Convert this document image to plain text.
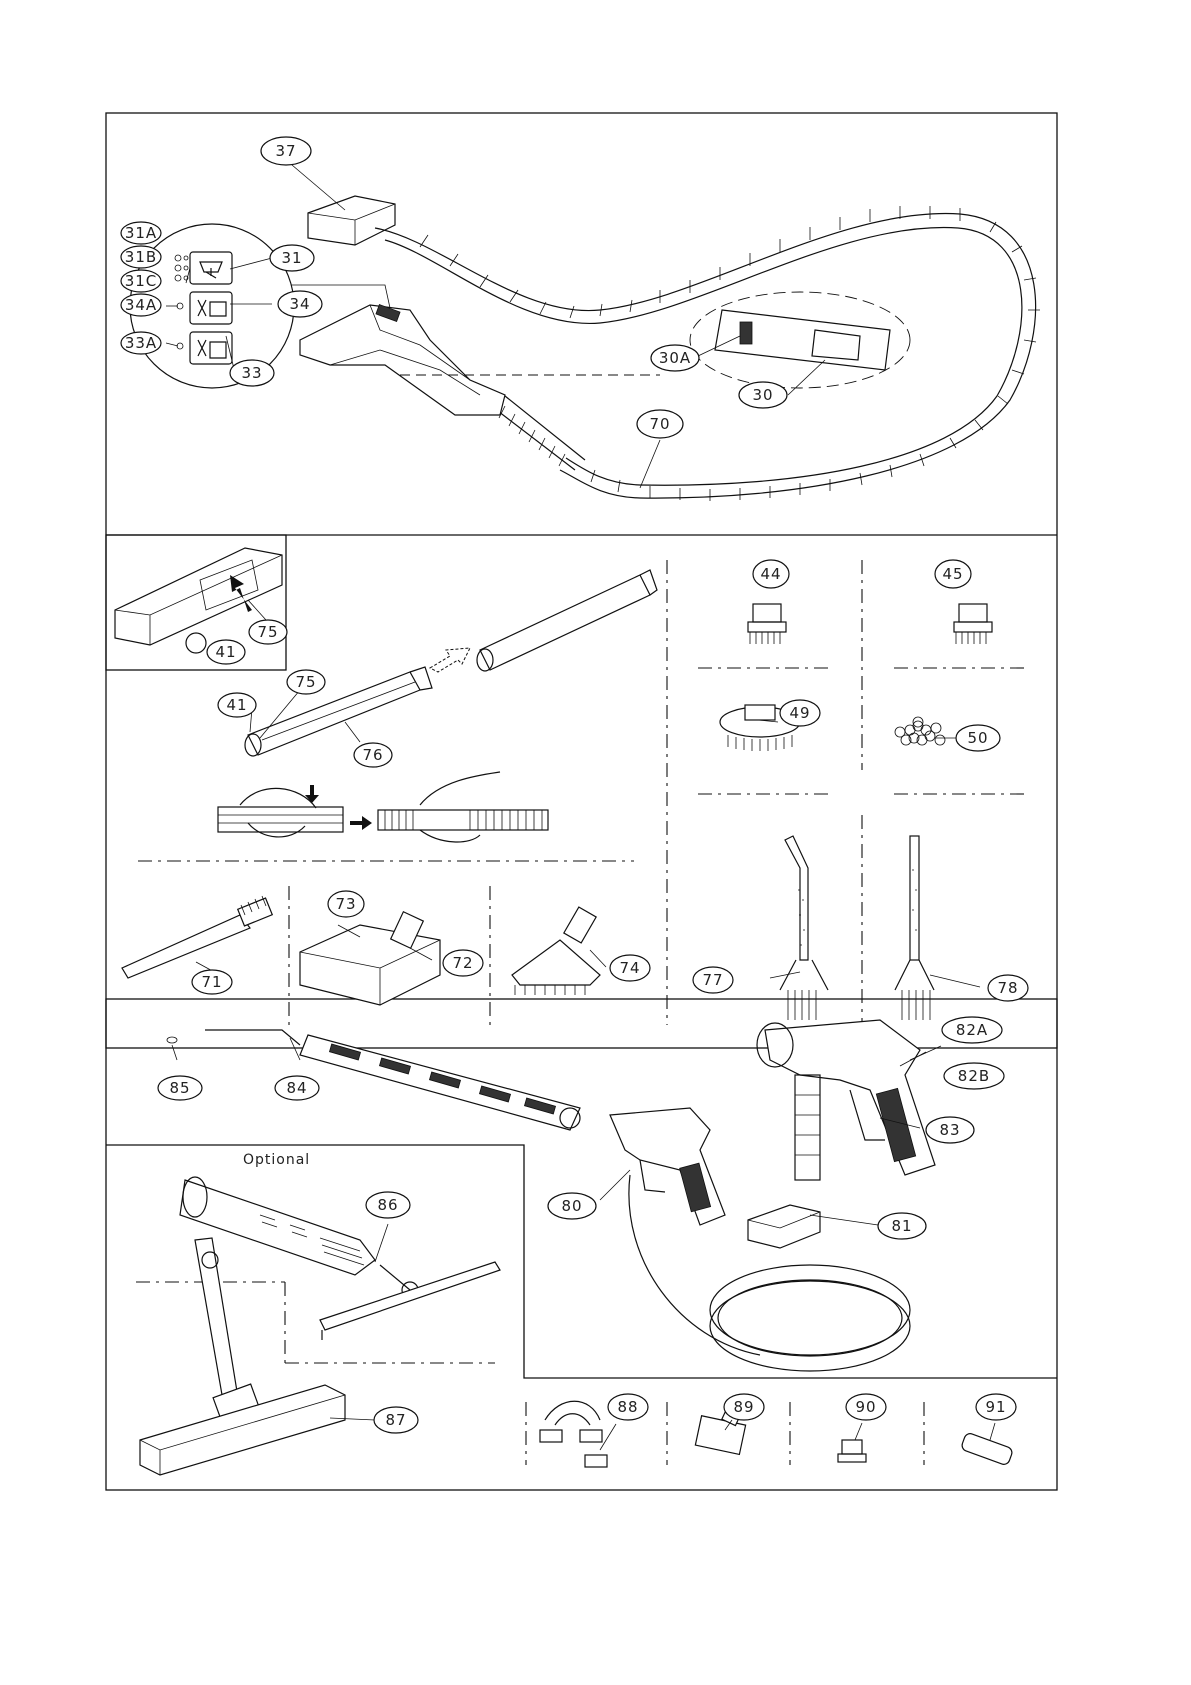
37
31A
31B
31C
34A
33A
31
34
33
30A
30
70
75
41
75
41
76
44	45
49
50
71
73
72	74
77	78
85	84
82A
82B
83
80
81
86
87
88	89	90	91
Optional
